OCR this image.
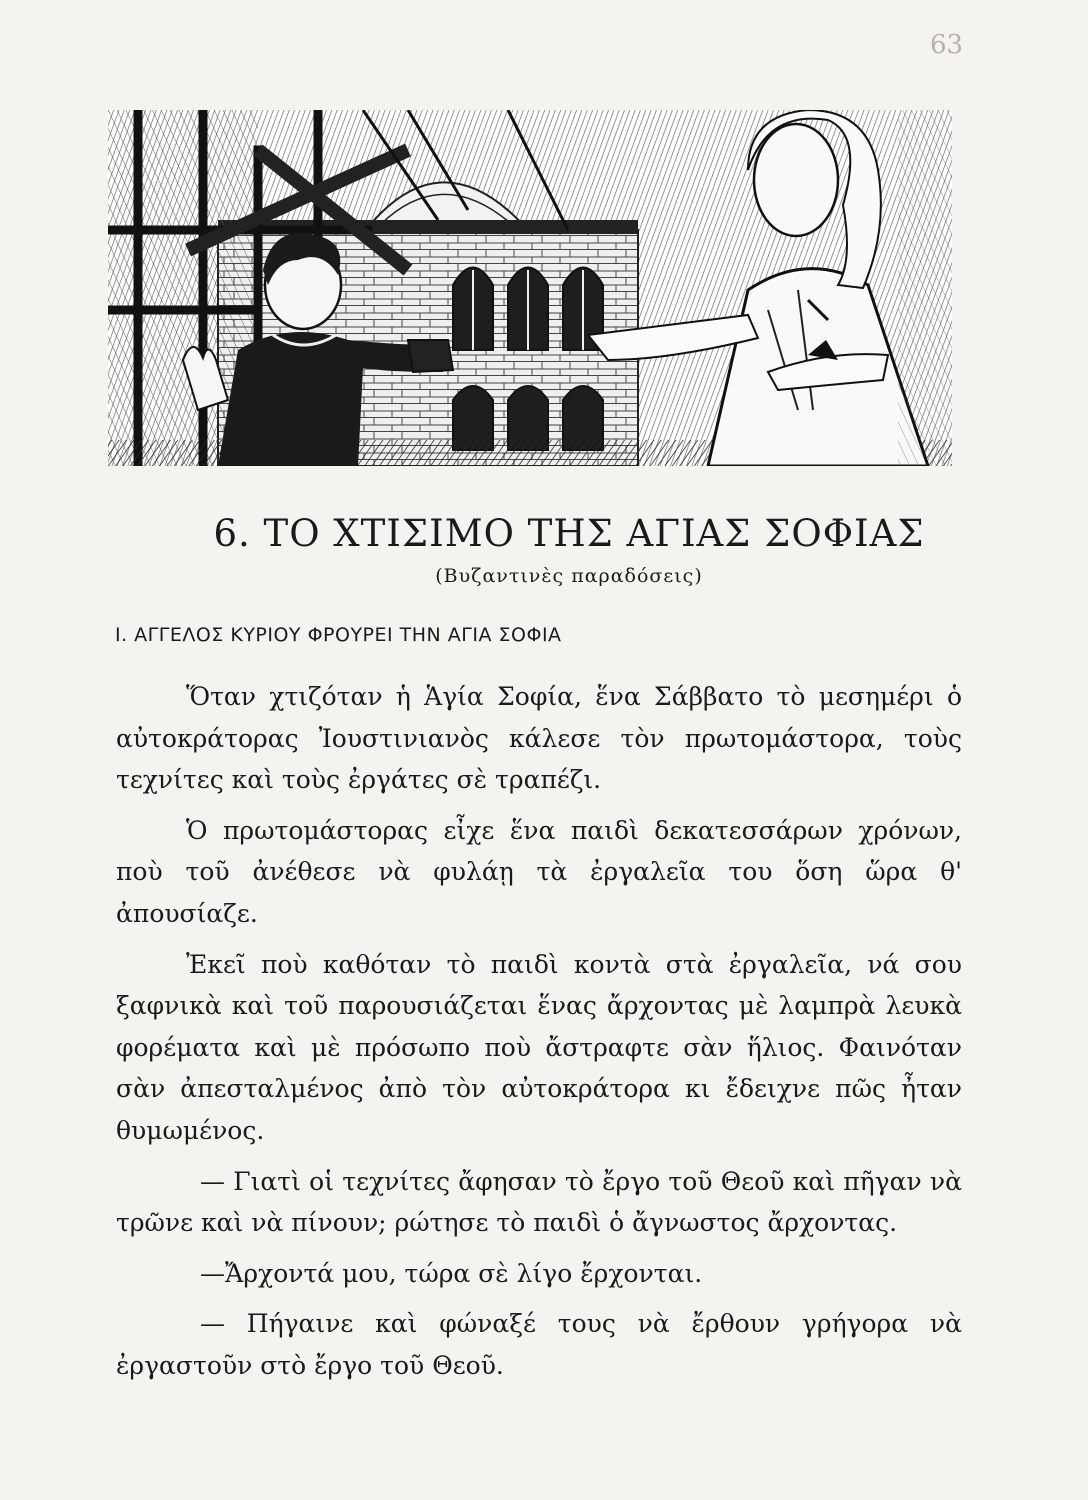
63
6. ΤΟ ΧΤΙΣΙΜΟ ΤΗΣ ΑΓΙΑΣ ΣΟΦΙΑΣ
(Βυζαντινὲς παραδόσεις)
Ι. ΑΓΓΕΛΟΣ ΚΥΡΙΟΥ ΦΡΟΥΡΕΙ ΤΗΝ ΑΓΙΑ ΣΟΦΙΑ

Ὅταν χτιζόταν ἡ Ἁγία Σοφία, ἕνα Σάββατο τὸ μεσημέρι ὁ αὐτοκράτορας Ἰουστινιανὸς κάλεσε τὸν πρωτομάστορα, τοὺς τεχνίτες καὶ τοὺς ἐργάτες σὲ τραπέζι.

Ὁ πρωτομάστορας εἶχε ἕνα παιδὶ δεκατεσσάρων χρόνων, ποὺ τοῦ ἀνέθεσε νὰ φυλάῃ τὰ ἐργαλεῖα του ὅση ὥρα θ' ἀπουσίαζε.

Ἐκεῖ ποὺ καθόταν τὸ παιδὶ κοντὰ στὰ ἐργαλεῖα, νά σου ξαφνικὰ καὶ τοῦ παρουσιάζεται ἕνας ἄρχοντας μὲ λαμπρὰ λευκὰ φορέματα καὶ μὲ πρόσωπο ποὺ ἄστραφτε σὰν ἥλιος. Φαινόταν σὰν ἀπεσταλμένος ἀπὸ τὸν αὐτοκράτορα κι ἔδειχνε πῶς ἦταν θυμωμένος.

— Γιατὶ οἱ τεχνίτες ἄφησαν τὸ ἔργο τοῦ Θεοῦ καὶ πῆγαν νὰ τρῶνε καὶ νὰ πίνουν; ρώτησε τὸ παιδὶ ὁ ἄγνωστος ἄρχοντας.

—Ἄρχοντά μου, τώρα σὲ λίγο ἔρχονται.

— Πήγαινε καὶ φώναξέ τους νὰ ἔρθουν γρήγορα νὰ ἐργαστοῦν στὸ ἔργο τοῦ Θεοῦ.
